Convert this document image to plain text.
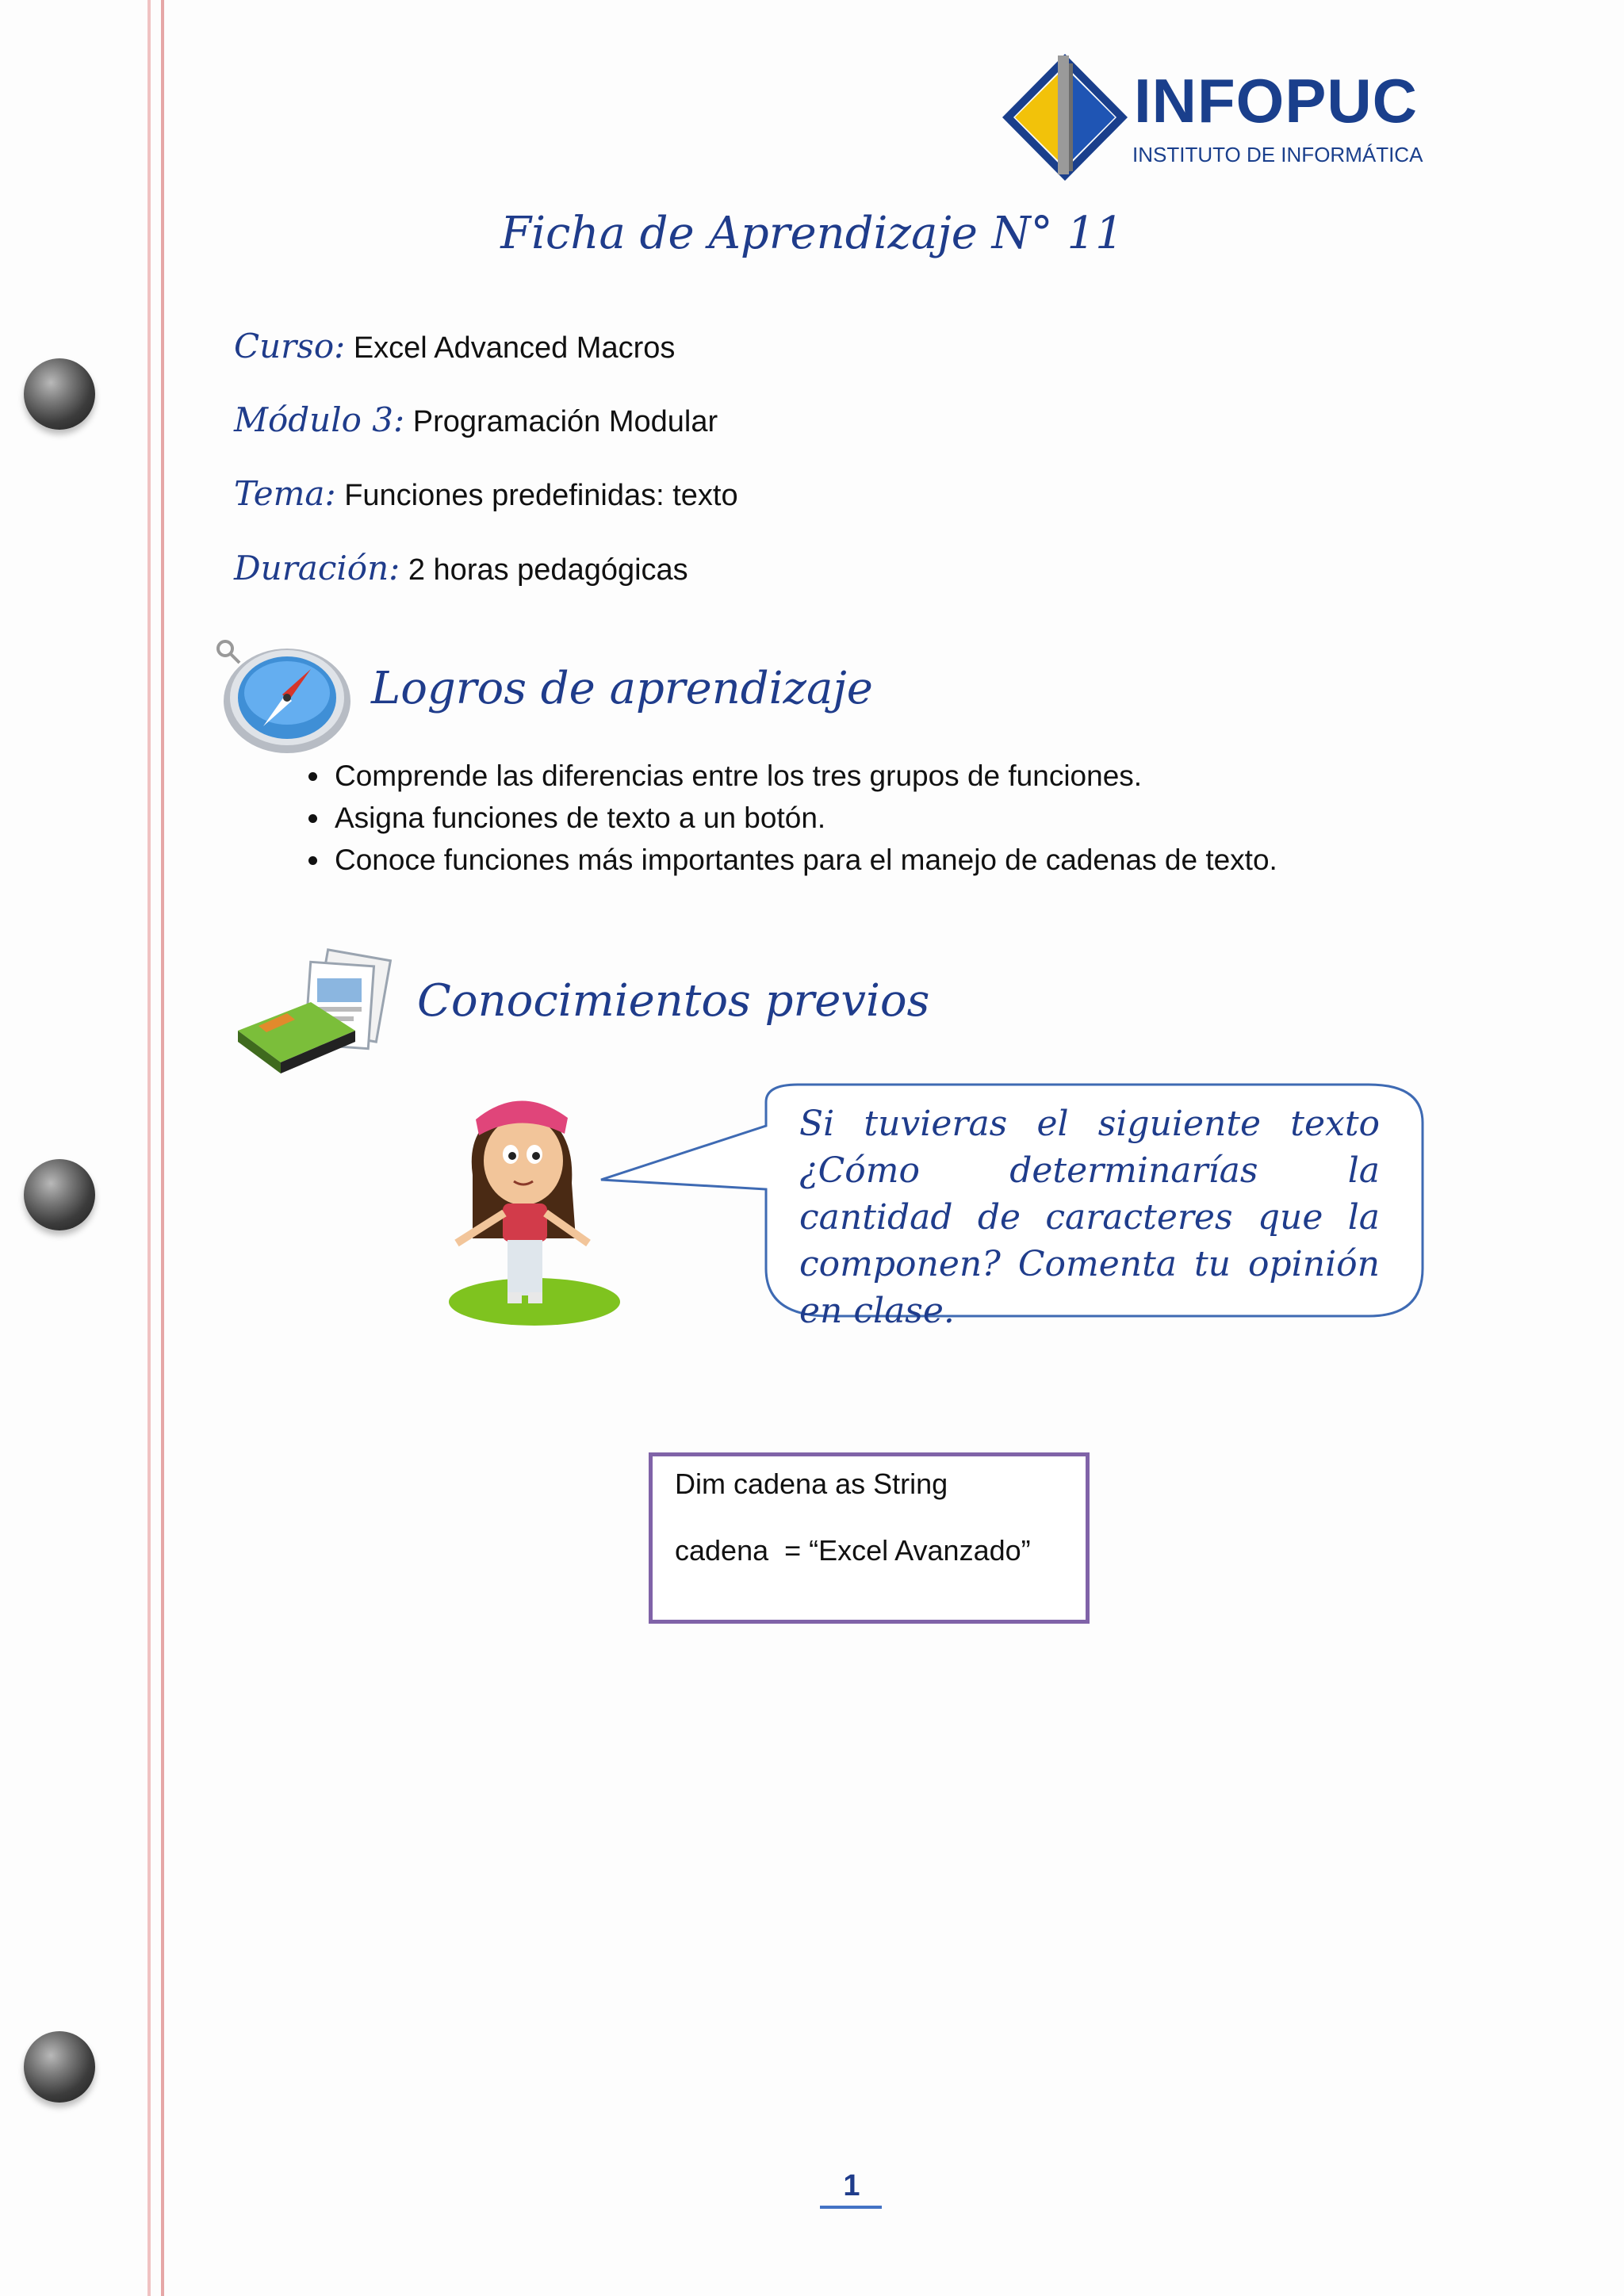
INFOPUC
INSTITUTO DE INFORMÁTICA
Ficha de Aprendizaje N° 11
Curso: Excel Advanced Macros
Módulo 3: Programación Modular
Tema: Funciones predefinidas: texto
Duración: 2 horas pedagógicas
Logros de aprendizaje
• Comprende las diferencias entre los tres grupos de funciones.
• Asigna funciones de texto a un botón.
• Conoce funciones más importantes para el manejo de cadenas de texto.
Conocimientos previos
Si tuvieras el siguiente texto ¿Cómo determinarías la cantidad de caracteres que la componen? Comenta tu opinión en clase.
Dim cadena as String
cadena  = “Excel Avanzado”
1
